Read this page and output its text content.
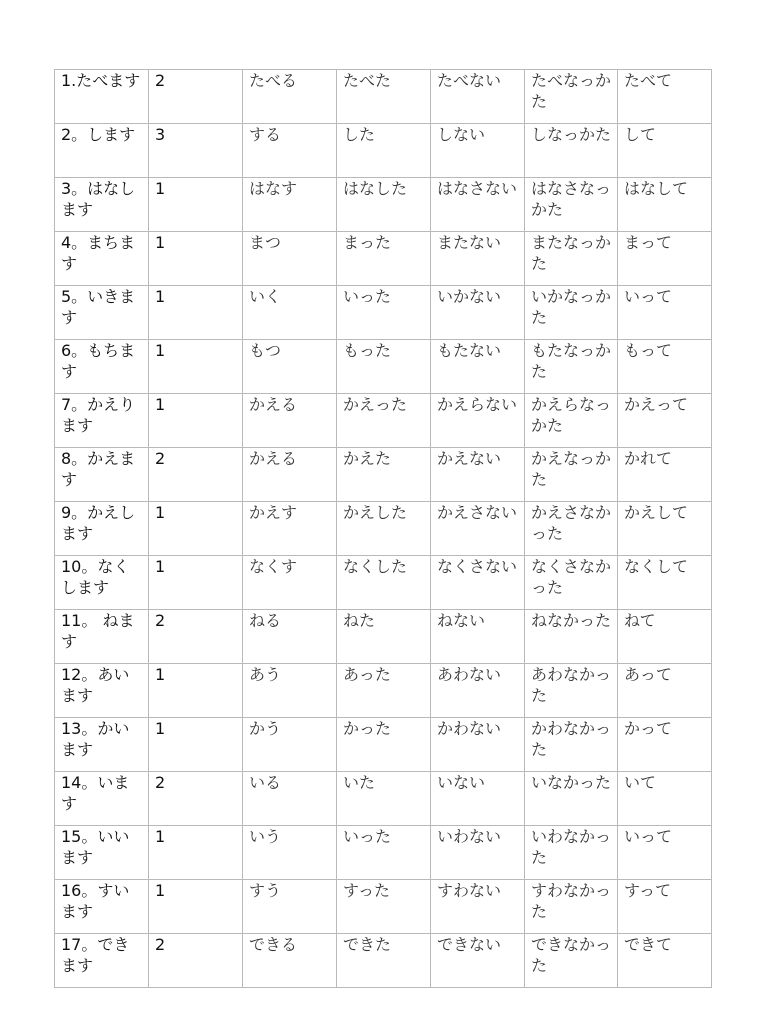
1.たべます	2	たべる	たべた	たべない	たべなっかた	たべて
2。します	3	する	した	しない	しなっかた	して
3。はなします	1	はなす	はなした	はなさない	はなさなっかた	はなして
4。まちます	1	まつ	まった	またない	またなっかた	まって
5。いきます	1	いく	いった	いかない	いかなっかた	いって
6。もちます	1	もつ	もった	もたない	もたなっかた	もって
7。かえります	1	かえる	かえった	かえらない	かえらなっかた	かえって
8。かえます	2	かえる	かえた	かえない	かえなっかた	かれて
9。かえします	1	かえす	かえした	かえさない	かえさなかった	かえして
10。なくします	1	なくす	なくした	なくさない	なくさなかった	なくして
11。 ねます	2	ねる	ねた	ねない	ねなかった	ねて
12。あいます	1	あう	あった	あわない	あわなかった	あって
13。かいます	1	かう	かった	かわない	かわなかった	かって
14。います	2	いる	いた	いない	いなかった	いて
15。いいます	1	いう	いった	いわない	いわなかった	いって
16。すいます	1	すう	すった	すわない	すわなかった	すって
17。できます	2	できる	できた	できない	できなかった	できて
